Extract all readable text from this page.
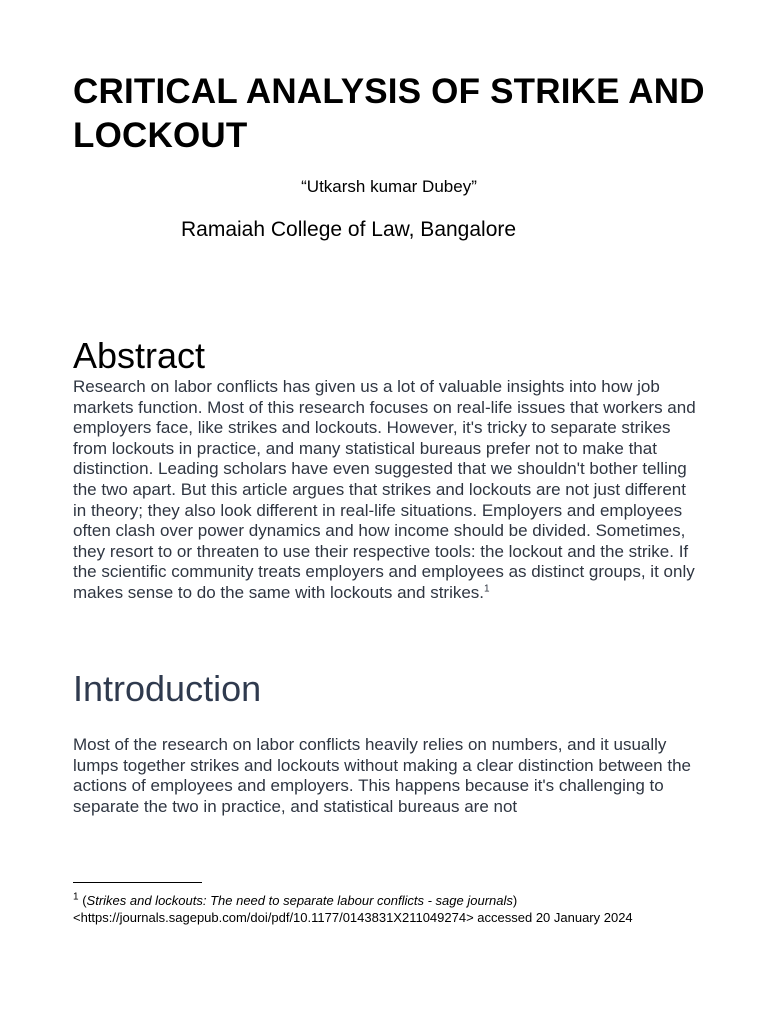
CRITICAL ANALYSIS OF STRIKE AND LOCKOUT
“Utkarsh kumar Dubey”
Ramaiah College of Law, Bangalore
Abstract

Research on labor conflicts has given us a lot of valuable insights into how job markets function. Most of this research focuses on real-life issues that workers and employers face, like strikes and lockouts. However, it's tricky to separate strikes from lockouts in practice, and many statistical bureaus prefer not to make that distinction. Leading scholars have even suggested that we shouldn't bother telling the two apart. But this article argues that strikes and lockouts are not just different in theory; they also look different in real-life situations. Employers and employees often clash over power dynamics and how income should be divided. Sometimes, they resort to or threaten to use their respective tools: the lockout and the strike. If the scientific community treats employers and employees as distinct groups, it only makes sense to do the same with lockouts and strikes.$^1$

Introduction

Most of the research on labor conflicts heavily relies on numbers, and it usually lumps together strikes and lockouts without making a clear distinction between the actions of employees and employers. This happens because it's challenging to separate the two in practice, and statistical bureaus are not

$^1$ (Strikes and lockouts: The need to separate labour conflicts - sage journals) <https://journals.sagepub.com/doi/pdf/10.1177/0143831X211049274> accessed 20 January 2024
